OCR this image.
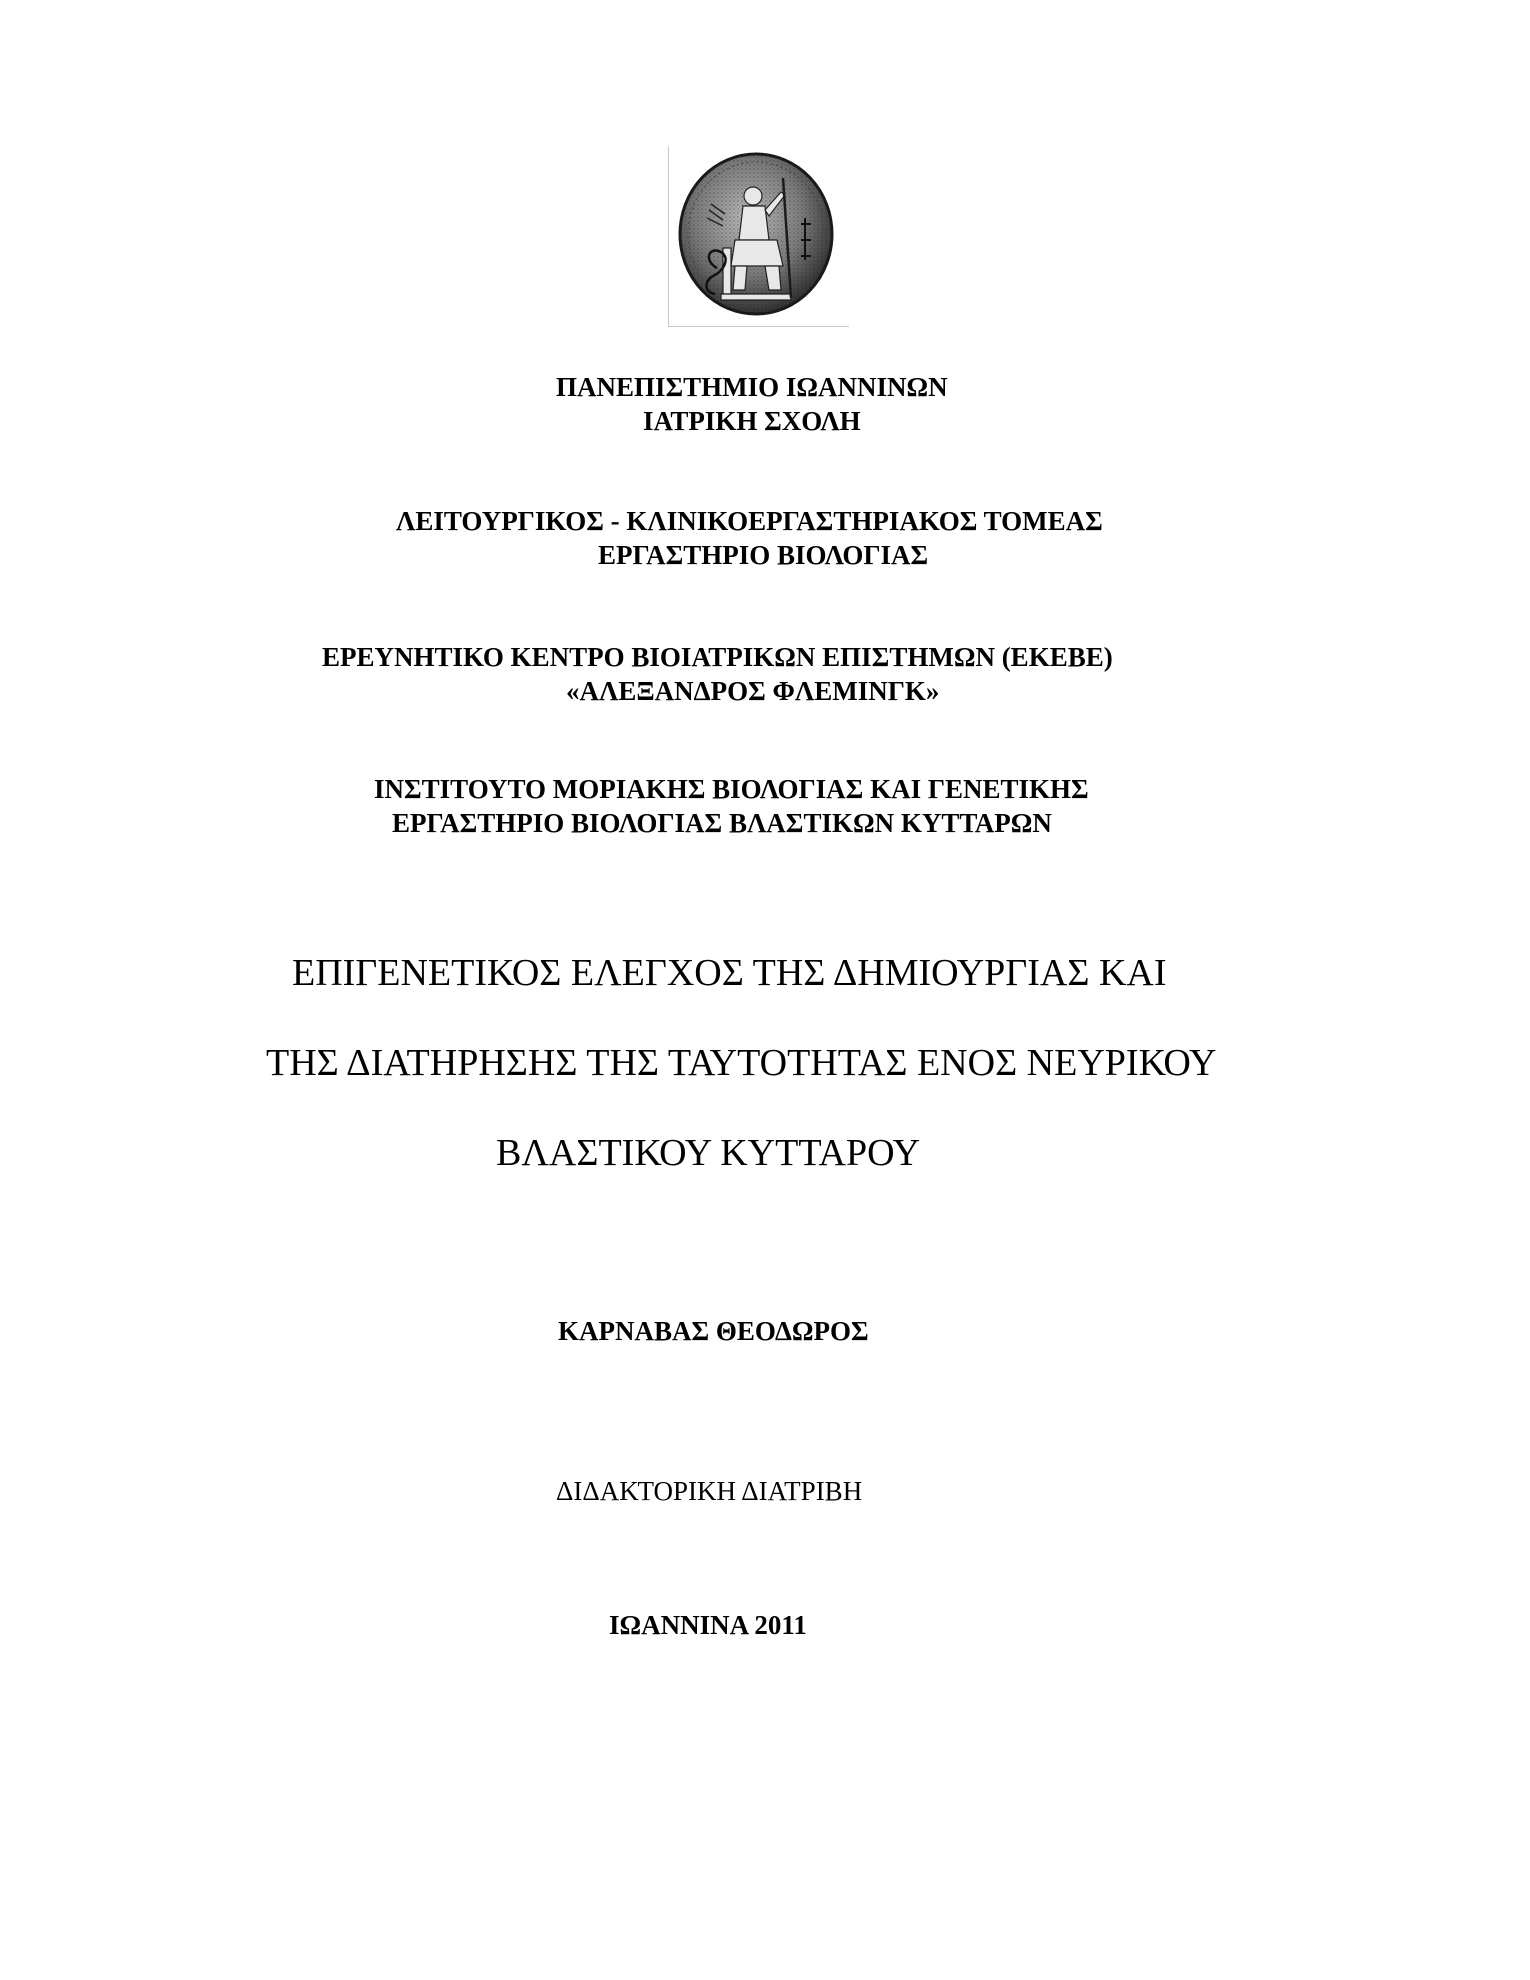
ΠΑΝΕΠΙΣΤΗΜΙΟ ΙΩΑΝΝΙΝΩΝ
ΙΑΤΡΙΚΗ ΣΧΟΛΗ
ΛΕΙΤΟΥΡΓΙΚΟΣ - ΚΛΙΝΙΚΟΕΡΓΑΣΤΗΡΙΑΚΟΣ ΤΟΜΕΑΣ
ΕΡΓΑΣΤΗΡΙΟ ΒΙΟΛΟΓΙΑΣ
ΕΡΕΥΝΗΤΙΚΟ ΚΕΝΤΡΟ ΒΙΟΙΑΤΡΙΚΩΝ ΕΠΙΣΤΗΜΩΝ (ΕΚΕΒΕ)
«ΑΛΕΞΑΝΔΡΟΣ ΦΛΕΜΙΝΓΚ»
ΙΝΣΤΙΤΟΥΤΟ ΜΟΡΙΑΚΗΣ ΒΙΟΛΟΓΙΑΣ ΚΑΙ ΓΕΝΕΤΙΚΗΣ
ΕΡΓΑΣΤΗΡΙΟ ΒΙΟΛΟΓΙΑΣ ΒΛΑΣΤΙΚΩΝ ΚΥΤΤΑΡΩΝ
ΕΠΙΓΕΝΕΤΙΚΟΣ ΕΛΕΓΧΟΣ ΤΗΣ ΔΗΜΙΟΥΡΓΙΑΣ ΚΑΙ
ΤΗΣ ΔΙΑΤΗΡΗΣΗΣ ΤΗΣ ΤΑΥΤΟΤΗΤΑΣ ΕΝΟΣ ΝΕΥΡΙΚΟΥ
ΒΛΑΣΤΙΚΟΥ ΚΥΤΤΑΡΟΥ
ΚΑΡΝΑΒΑΣ ΘΕΟΔΩΡΟΣ
ΔΙΔΑΚΤΟΡΙΚΗ ΔΙΑΤΡΙΒΗ
ΙΩΑΝΝΙΝΑ 2011
